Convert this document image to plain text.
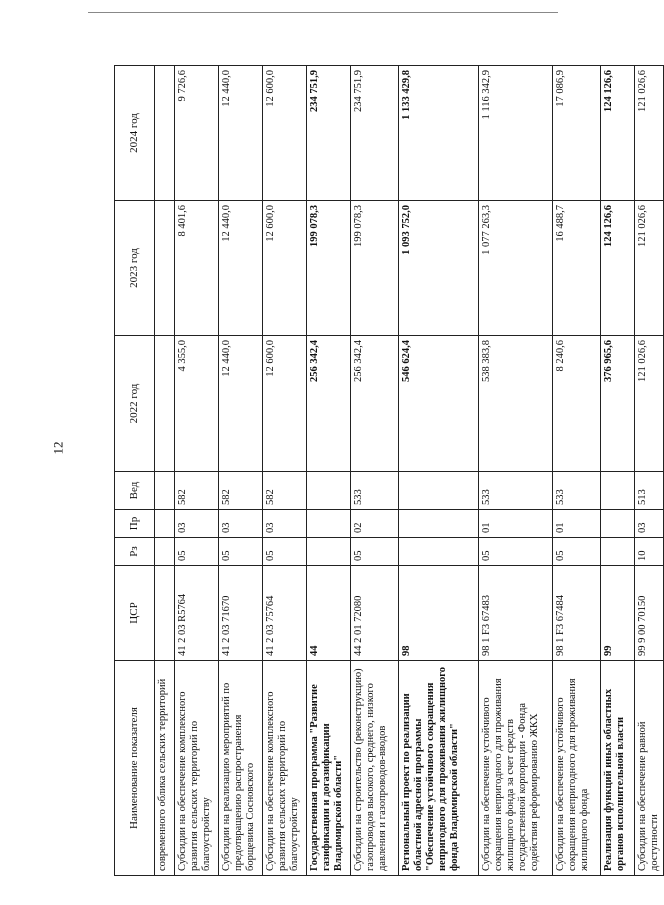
12
Наименование показателя	ЦСР	Рз	Пр	Вед	2022 год	2023 год	2024 год
современного облика сельских территорий							
Субсидии на обеспечение комплексного развития сельских территорий по благоустройству	41 2 03 R5764	05	03	582	4 355,0	8 401,6	9 726,6
Субсидии на реализацию мероприятий по предотвращению распространения борщевика Сосновского	41 2 03 71670	05	03	582	12 440,0	12 440,0	12 440,0
Субсидии на обеспечение комплексного развития сельских территорий по благоустройству	41 2 03 75764	05	03	582	12 600,0	12 600,0	12 600,0
Государственная программа "Развитие газификации и догазификации Владимирской области"	44				256 342,4	199 078,3	234 751,9
Субсидии на строительство (реконструкцию) газопроводов высокого, среднего, низкого давления и газопроводов-вводов	44 2 01 72080	05	02	533	256 342,4	199 078,3	234 751,9
Региональный проект по реализации областной адресной программы "Обеспечение устойчивого сокращения непригодного для проживания жилищного фонда Владимирской области"	98				546 624,4	1 093 752,0	1 133 429,8
Субсидии на обеспечение устойчивого сокращения непригодного для проживания жилищного фонда за счет средств государственной корпорации - Фонда содействия реформированию ЖКХ	98 1 F3 67483	05	01	533	538 383,8	1 077 263,3	1 116 342,9
Субсидии на обеспечение устойчивого сокращения непригодного для проживания жилищного фонда	98 1 F3 67484	05	01	533	8 240,6	16 488,7	17 086,9
Реализация функций иных областных органов исполнительной власти	99				376 965,6	124 126,6	124 126,6
Субсидии на обеспечение равной доступности	99 9 00 70150	10	03	513	121 026,6	121 026,6	121 026,6
